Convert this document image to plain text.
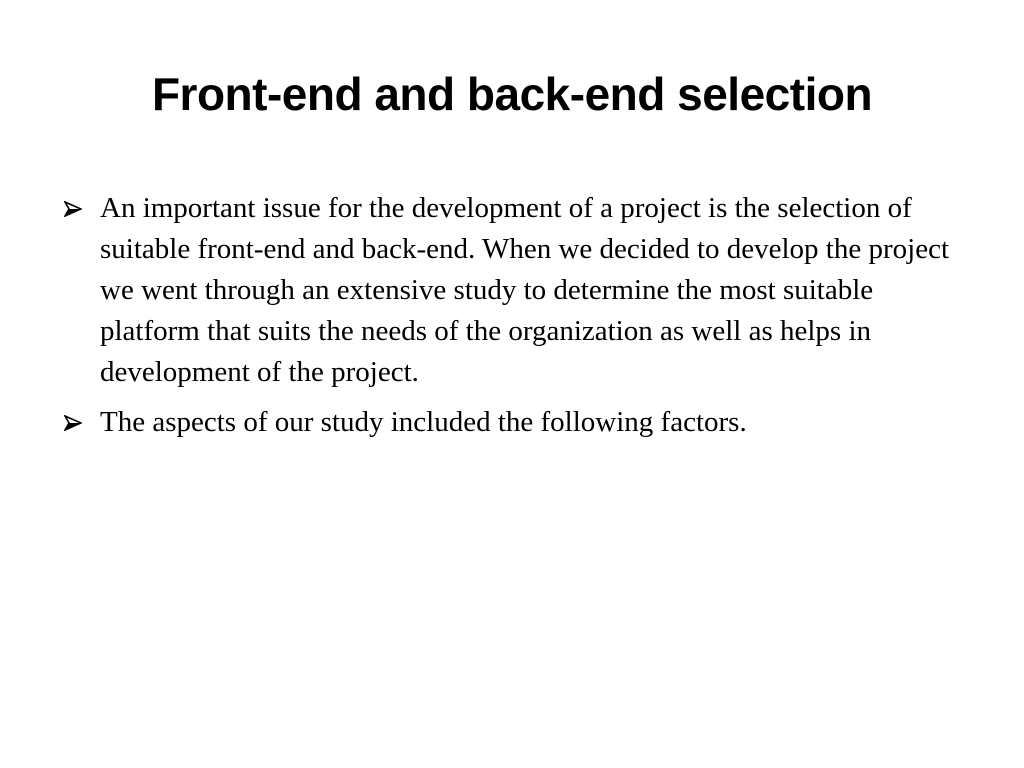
Front-end and back-end selection
An important issue for the development of a project is the selection of suitable front-end and back-end. When we decided to develop the project we went through an extensive study to determine the most suitable platform that suits the needs of the organization as well as helps in development of the project.
The aspects of our study included the following factors.
